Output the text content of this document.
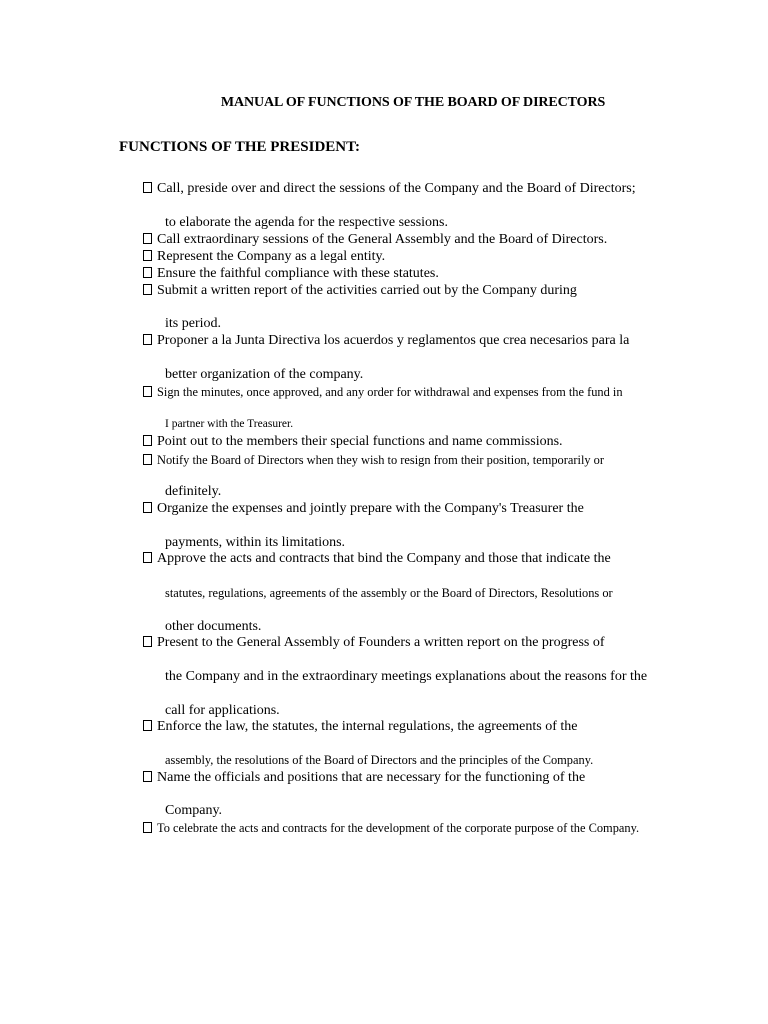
MANUAL OF FUNCTIONS OF THE BOARD OF DIRECTORS
FUNCTIONS OF THE PRESIDENT:
Call, preside over and direct the sessions of the Company and the Board of Directors;
to elaborate the agenda for the respective sessions.
Call extraordinary sessions of the General Assembly and the Board of Directors.
Represent the Company as a legal entity.
Ensure the faithful compliance with these statutes.
Submit a written report of the activities carried out by the Company during
its period.
Proponer a la Junta Directiva los acuerdos y reglamentos que crea necesarios para la
better organization of the company.
Sign the minutes, once approved, and any order for withdrawal and expenses from the fund in
I partner with the Treasurer.
Point out to the members their special functions and name commissions.
Notify the Board of Directors when they wish to resign from their position, temporarily or
definitely.
Organize the expenses and jointly prepare with the Company's Treasurer the
payments, within its limitations.
Approve the acts and contracts that bind the Company and those that indicate the
statutes, regulations, agreements of the assembly or the Board of Directors, Resolutions or
other documents.
Present to the General Assembly of Founders a written report on the progress of
the Company and in the extraordinary meetings explanations about the reasons for the
call for applications.
Enforce the law, the statutes, the internal regulations, the agreements of the
assembly, the resolutions of the Board of Directors and the principles of the Company.
Name the officials and positions that are necessary for the functioning of the
Company.
To celebrate the acts and contracts for the development of the corporate purpose of the Company.
